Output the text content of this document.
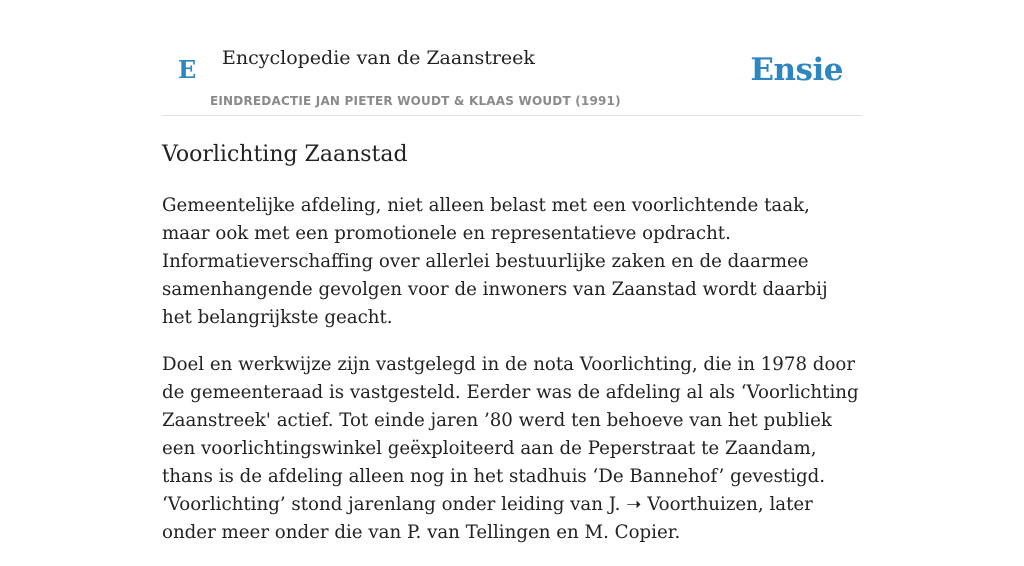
E Encyclopedie van de Zaanstreek
EINDREDACTIE JAN PIETER WOUDT & KLAAS WOUDT (1991)
Ensie
Voorlichting Zaanstad

Gemeentelijke afdeling, niet alleen belast met een voorlichtende taak, maar ook met een promotionele en representatieve opdracht. Informatieverschaffing over allerlei bestuurlijke zaken en de daarmee samenhangende gevolgen voor de inwoners van Zaanstad wordt daarbij het belangrijkste geacht.

Doel en werkwijze zijn vastgelegd in de nota Voorlichting, die in 1978 door de gemeenteraad is vastgesteld. Eerder was de afdeling al als ‘Voorlichting Zaanstreek' actief. Tot einde jaren ’80 werd ten behoeve van het publiek een voorlichtingswinkel geëxploiteerd aan de Peperstraat te Zaandam, thans is de afdeling alleen nog in het stadhuis ‘De Bannehof’ gevestigd. ‘Voorlichting’ stond jarenlang onder leiding van J. ➝ Voorthuizen, later onder meer onder die van P. van Tellingen en M. Copier.
